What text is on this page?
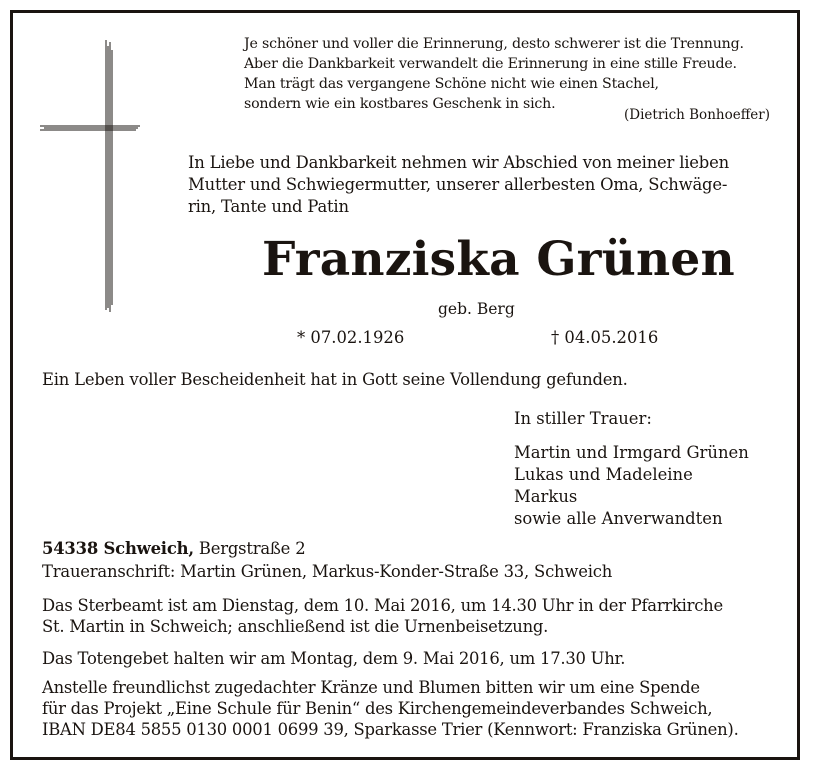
Je schöner und voller die Erinnerung, desto schwerer ist die Trennung.
Aber die Dankbarkeit verwandelt die Erinnerung in eine stille Freude.
Man trägt das vergangene Schöne nicht wie einen Stachel,
sondern wie ein kostbares Geschenk in sich.
(Dietrich Bonhoeffer)
In Liebe und Dankbarkeit nehmen wir Abschied von meiner lieben
Mutter und Schwiegermutter, unserer allerbesten Oma, Schwäge-
rin, Tante und Patin
Franziska Grünen
geb. Berg
* 07.02.1926	† 04.05.2016
Ein Leben voller Bescheidenheit hat in Gott seine Vollendung gefunden.
In stiller Trauer:
Martin und Irmgard Grünen
Lukas und Madeleine
Markus
sowie alle Anverwandten
54338 Schweich, Bergstraße 2
Traueranschrift: Martin Grünen, Markus-Konder-Straße 33, Schweich
Das Sterbeamt ist am Dienstag, dem 10. Mai 2016, um 14.30 Uhr in der Pfarrkirche
St. Martin in Schweich; anschließend ist die Urnenbeisetzung.
Das Totengebet halten wir am Montag, dem 9. Mai 2016, um 17.30 Uhr.
Anstelle freundlichst zugedachter Kränze und Blumen bitten wir um eine Spende
für das Projekt „Eine Schule für Benin“ des Kirchengemeindeverbandes Schweich,
IBAN DE84 5855 0130 0001 0699 39, Sparkasse Trier (Kennwort: Franziska Grünen).
